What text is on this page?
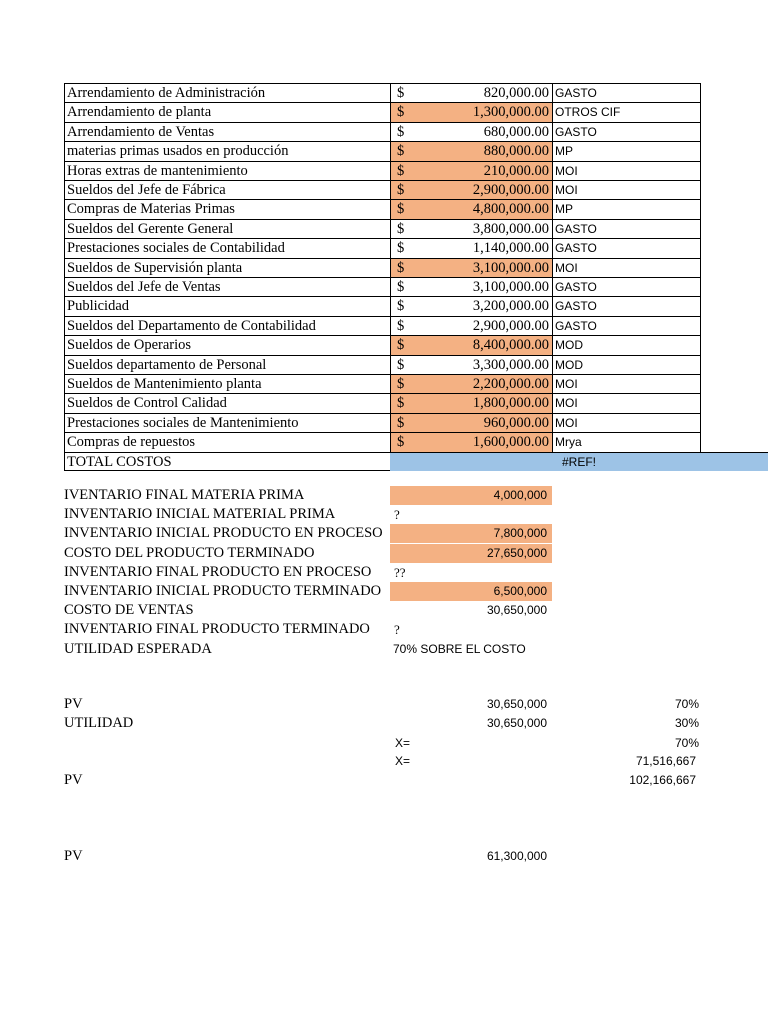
Arrendamiento de Administración	$	820,000.00 GASTO
Arrendamiento de planta	$	1,300,000.00 OTROS CIF
Arrendamiento de Ventas	$	680,000.00 GASTO
materias primas usados en producción	$	880,000.00 MP
Horas extras de mantenimiento	$	210,000.00 MOI
Sueldos del Jefe de Fábrica	$	2,900,000.00 MOI
Compras de Materias Primas	$	4,800,000.00 MP
Sueldos del Gerente General	$	3,800,000.00 GASTO
Prestaciones sociales de Contabilidad	$	1,140,000.00 GASTO
Sueldos de Supervisión planta	$	3,100,000.00 MOI
Sueldos del Jefe de Ventas	$	3,100,000.00 GASTO
Publicidad	$	3,200,000.00 GASTO
Sueldos del Departamento de Contabilidad	$	2,900,000.00 GASTO
Sueldos de Operarios	$	8,400,000.00 MOD
Sueldos departamento de Personal	$	3,300,000.00 MOD
Sueldos de Mantenimiento planta	$	2,200,000.00 MOI
Sueldos de Control Calidad	$	1,800,000.00 MOI
Prestaciones sociales de Mantenimiento	$	960,000.00 MOI
Compras de repuestos	$	1,600,000.00 Mrya
TOTAL COSTOS	#REF!
IVENTARIO FINAL MATERIA PRIMA	4,000,000
INVENTARIO INICIAL MATERIAL PRIMA	?
INVENTARIO INICIAL PRODUCTO EN PROCESO	7,800,000
COSTO DEL PRODUCTO TERMINADO	27,650,000
INVENTARIO FINAL PRODUCTO EN PROCESO ??
INVENTARIO INICIAL PRODUCTO TERMINADO	6,500,000
COSTO DE VENTAS	30,650,000
INVENTARIO FINAL PRODUCTO TERMINADO ?
UTILIDAD ESPERADA	70% SOBRE EL COSTO
PV	30,650,000	70%
UTILIDAD	30,650,000	30%
X=	70%
X=	71,516,667
PV	102,166,667
PV	61,300,000
